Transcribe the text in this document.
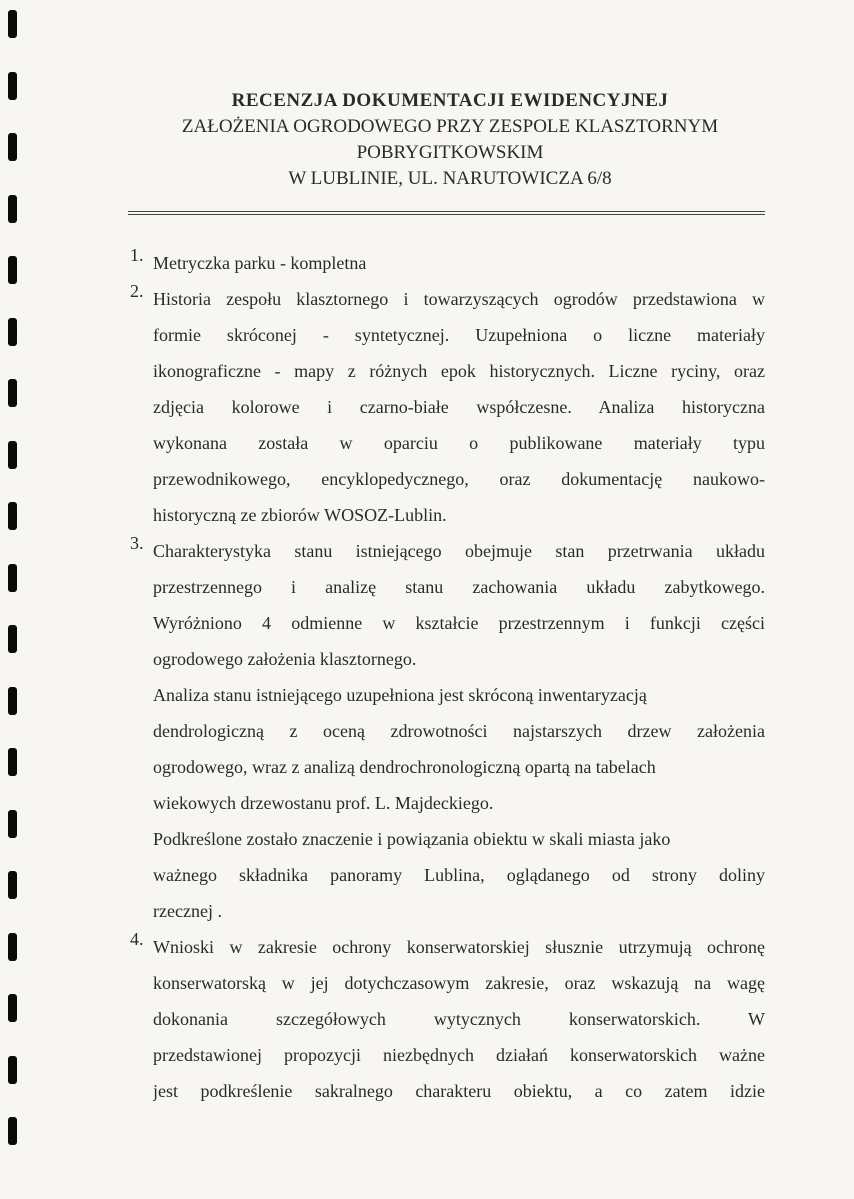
RECENZJA DOKUMENTACJI EWIDENCYJNEJ
ZAŁOŻENIA OGRODOWEGO PRZY ZESPOLE KLASZTORNYM
POBRYGITKOWSKIM
W LUBLINIE, UL. NARUTOWICZA 6/8
1. Metryczka parku - kompletna
2. Historia zespołu klasztornego i towarzyszących ogrodów przedstawiona w
formie skróconej - syntetycznej. Uzupełniona o liczne materiały
ikonograficzne - mapy z różnych epok historycznych. Liczne ryciny, oraz
zdjęcia kolorowe i czarno-białe współczesne. Analiza historyczna
wykonana została w oparciu o publikowane materiały typu
przewodnikowego, encyklopedycznego, oraz dokumentację naukowo-
historyczną ze zbiorów WOSOZ-Lublin.
3. Charakterystyka stanu istniejącego obejmuje stan przetrwania układu
przestrzennego i analizę stanu zachowania układu zabytkowego.
Wyróżniono 4 odmienne w kształcie przestrzennym i funkcji części
ogrodowego założenia klasztornego.
Analiza stanu istniejącego uzupełniona jest skróconą inwentaryzacją
dendrologiczną z oceną zdrowotności najstarszych drzew założenia
ogrodowego, wraz z analizą dendrochronologiczną opartą na tabelach
wiekowych drzewostanu prof. L. Majdeckiego.
Podkreślone zostało znaczenie i powiązania obiektu w skali miasta jako
ważnego składnika panoramy Lublina, oglądanego od strony doliny
rzecznej .
4. Wnioski w zakresie ochrony konserwatorskiej słusznie utrzymują ochronę
konserwatorską w jej dotychczasowym zakresie, oraz wskazują na wagę
dokonania szczegółowych wytycznych konserwatorskich. W
przedstawionej propozycji niezbędnych działań konserwatorskich ważne
jest podkreślenie sakralnego charakteru obiektu, a co zatem idzie
